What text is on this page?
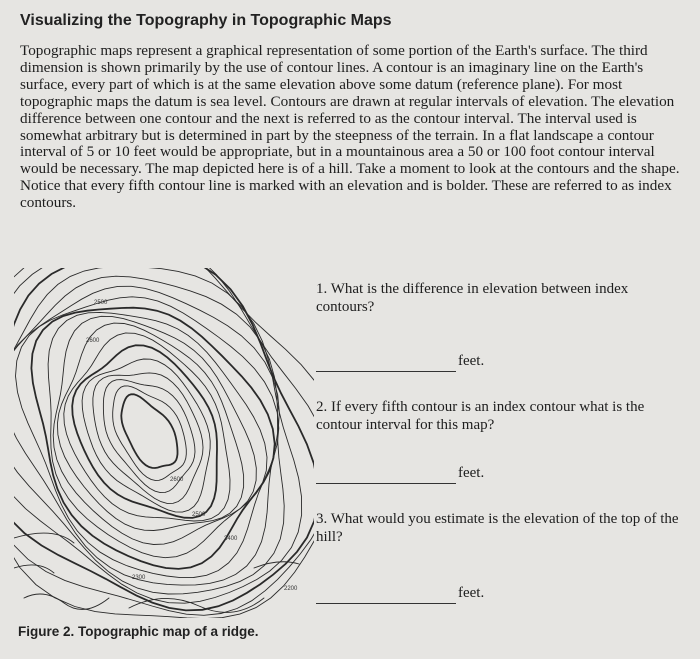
Visualizing the Topography in Topographic Maps

Topographic maps represent a graphical representation of some portion of the Earth's surface. The third dimension is shown primarily by the use of contour lines. A contour is an imaginary line on the Earth's surface, every part of which is at the same elevation above some datum (reference plane). For most topographic maps the datum is sea level. Contours are drawn at regular intervals of elevation. The elevation difference between one contour and the next is referred to as the contour interval. The interval used is somewhat arbitrary but is determined in part by the steepness of the terrain. In a flat landscape a contour interval of 5 or 10 feet would be appropriate, but in a mountainous area a 50 or 100 foot contour interval would be necessary. The map depicted here is of a hill. Take a moment to look at the contours and the shape. Notice that every fifth contour line is marked with an elevation and is bolder. These are referred to as index contours.

2500
2600
2600
2500
2400
2300
2200
1. What is the difference in elevation between index contours?
feet.
2. If every fifth contour is an index contour what is the contour interval for this map?
feet.
3. What would you estimate is the elevation of the top of the hill?
feet.
Figure 2. Topographic map of a ridge.
